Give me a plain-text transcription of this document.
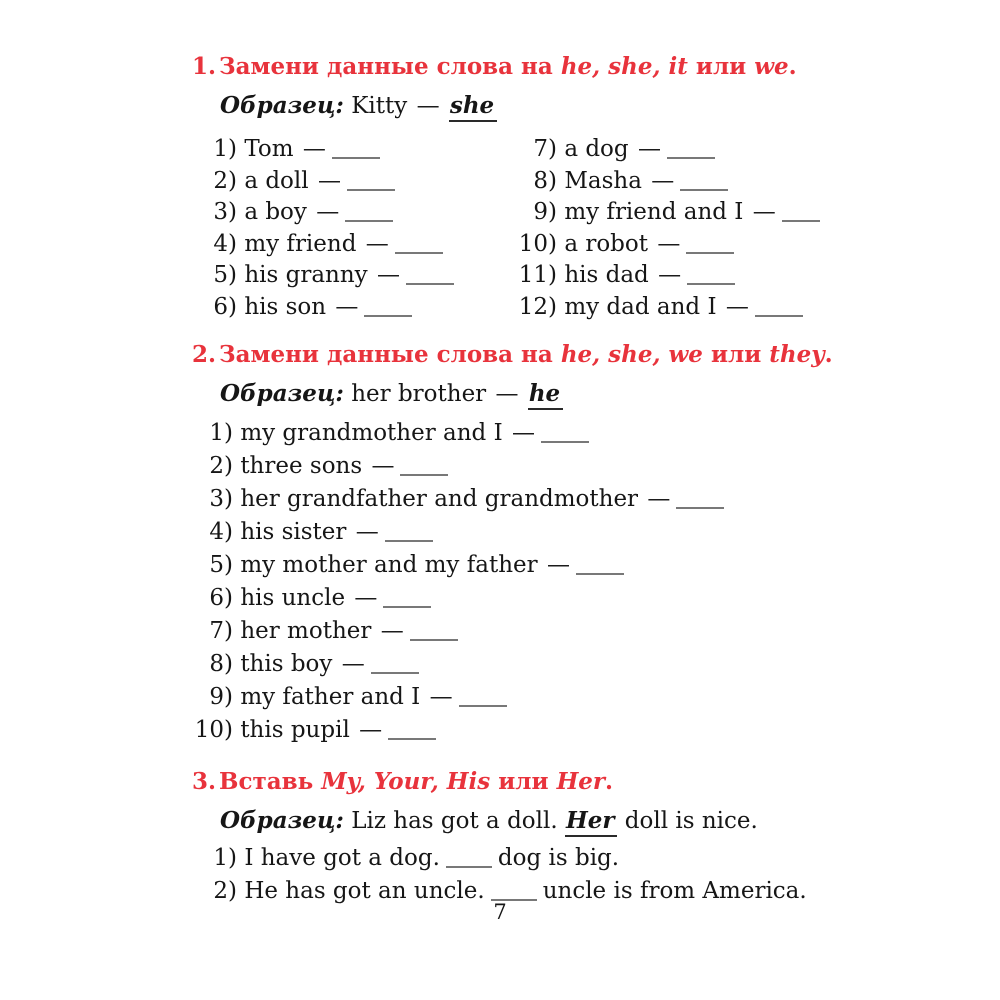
1. Замени данные слова на he, she, it или we.
Образец: Kitty — she
1) Tom —
2) a doll —
3) a boy —
4) my friend —
5) his granny —
6) his son —
7) a dog —
8) Masha —
9) my friend and I —
10) a robot —
11) his dad —
12) my dad and I —
2. Замени данные слова на he, she, we или they.
Образец: her brother — he
1) my grandmother and I —
2) three sons —
3) her grandfather and grandmother —
4) his sister —
5) my mother and my father —
6) his uncle —
7) her mother —
8) this boy —
9) my father and I —
10) this pupil —
3. Вставь My, Your, His или Her.
Образец: Liz has got a doll. Her doll is nice.
1) I have got a dog.	dog is big.
2) He has got an uncle.	uncle is from America.
7
